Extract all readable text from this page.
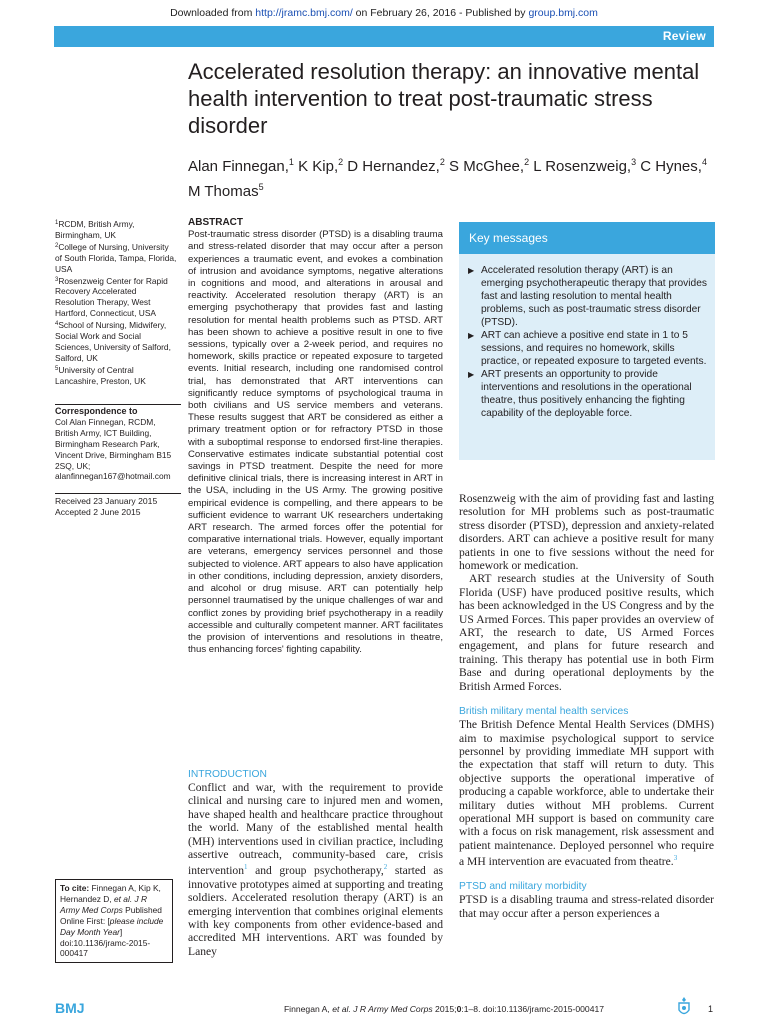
Downloaded from http://jramc.bmj.com/ on February 26, 2016 - Published by group.bmj.com
Review
Accelerated resolution therapy: an innovative mental health intervention to treat post-traumatic stress disorder
Alan Finnegan,$^1$ K Kip,$^2$ D Hernandez,$^2$ S McGhee,$^2$ L Rosenzweig,$^3$ C Hynes,$^4$ M Thomas$^5$
$^1$RCDM, British Army, Birmingham, UK
$^2$College of Nursing, University of South Florida, Tampa, Florida, USA
$^3$Rosenzweig Center for Rapid Recovery Accelerated Resolution Therapy, West Hartford, Connecticut, USA
$^4$School of Nursing, Midwifery, Social Work and Social Sciences, University of Salford, Salford, UK
$^5$University of Central Lancashire, Preston, UK
Correspondence to
Col Alan Finnegan, RCDM, British Army, ICT Building, Birmingham Research Park, Vincent Drive, Birmingham B15 2SQ, UK; alanfinnegan167@hotmail.com
Received 23 January 2015
Accepted 2 June 2015
To cite: Finnegan A, Kip K, Hernandez D, et al. J R Army Med Corps Published Online First: [please include Day Month Year] doi:10.1136/jramc-2015-000417
ABSTRACT
Post-traumatic stress disorder (PTSD) is a disabling trauma and stress-related disorder that may occur after a person experiences a traumatic event, and evokes a combination of intrusion and avoidance symptoms, negative alterations in cognitions and mood, and alterations in arousal and reactivity. Accelerated resolution therapy (ART) is an emerging psychotherapy that provides fast and lasting resolution for mental health problems such as PTSD. ART has been shown to achieve a positive result in one to five sessions, typically over a 2-week period, and requires no homework, skills practice or repeated exposure to targeted events. Initial research, including one randomised control trial, has demonstrated that ART interventions can significantly reduce symptoms of psychological trauma in both civilians and US service members and veterans. These results suggest that ART be considered as either a primary treatment option or for refractory PTSD in those with a suboptimal response to endorsed first-line therapies. Conservative estimates indicate substantial potential cost savings in PTSD treatment. Despite the need for more definitive clinical trials, there is increasing interest in ART in the USA, including in the US Army. The growing positive empirical evidence is compelling, and there appears to be sufficient evidence to warrant UK researchers undertaking ART research. The armed forces offer the potential for comparative international trials. However, equally important are veterans, emergency services personnel and those subjected to violence. ART appears to also have application in other conditions, including depression, anxiety disorders, and alcohol or drug misuse. ART can potentially help personnel traumatised by the unique challenges of war and conflict zones by providing brief psychotherapy in a readily accessible and culturally competent manner. ART facilitates the provision of interventions and resolutions in theatre, thus enhancing forces' fighting capability.
INTRODUCTION

Conflict and war, with the requirement to provide clinical and nursing care to injured men and women, have shaped health and healthcare practice throughout the world. Many of the established mental health (MH) interventions used in civilian practice, including assertive outreach, community-based care, crisis intervention$^1$ and group psychotherapy,$^2$ started as innovative prototypes aimed at supporting and treating soldiers. Accelerated resolution therapy (ART) is an emerging intervention that combines original elements with key components from other evidence-based and accredited MH interventions. ART was founded by Laney

Key messages
▶ Accelerated resolution therapy (ART) is an emerging psychotherapeutic therapy that provides fast and lasting resolution to mental health problems, such as post-traumatic stress disorder (PTSD).
▶ ART can achieve a positive end state in 1 to 5 sessions, and requires no homework, skills practice, or repeated exposure to targeted events.
▶ ART presents an opportunity to provide interventions and resolutions in the operational theatre, thus positively enhancing the fighting capability of the deployable force.

Rosenzweig with the aim of providing fast and lasting resolution for MH problems such as post-traumatic stress disorder (PTSD), depression and anxiety-related disorders. ART can achieve a positive result for many patients in one to five sessions without the need for homework or medication.

ART research studies at the University of South Florida (USF) have produced positive results, which has been acknowledged in the US Congress and by the US Armed Forces. This paper provides an overview of ART, the research to date, US Armed Forces engagement, and plans for future research and training. This therapy has potential use in both Firm Base and during operational deployments by the British Armed Forces.

British military mental health services

The British Defence Mental Health Services (DMHS) aim to maximise psychological support to service personnel by providing immediate MH support with the expectation that staff will return to duty. This objective supports the operational imperative of producing a capable workforce, able to undertake their military duties without MH problems. Current operational MH support is based on community care with a focus on risk management, risk assessment and patient maintenance. Deployed personnel who require a MH intervention are evacuated from theatre.$^3$

PTSD and military morbidity

PTSD is a disabling trauma and stress-related disorder that may occur after a person experiences a

BMJ	Finnegan A, et al. J R Army Med Corps 2015;0:1–8. doi:10.1136/jramc-2015-000417	1
